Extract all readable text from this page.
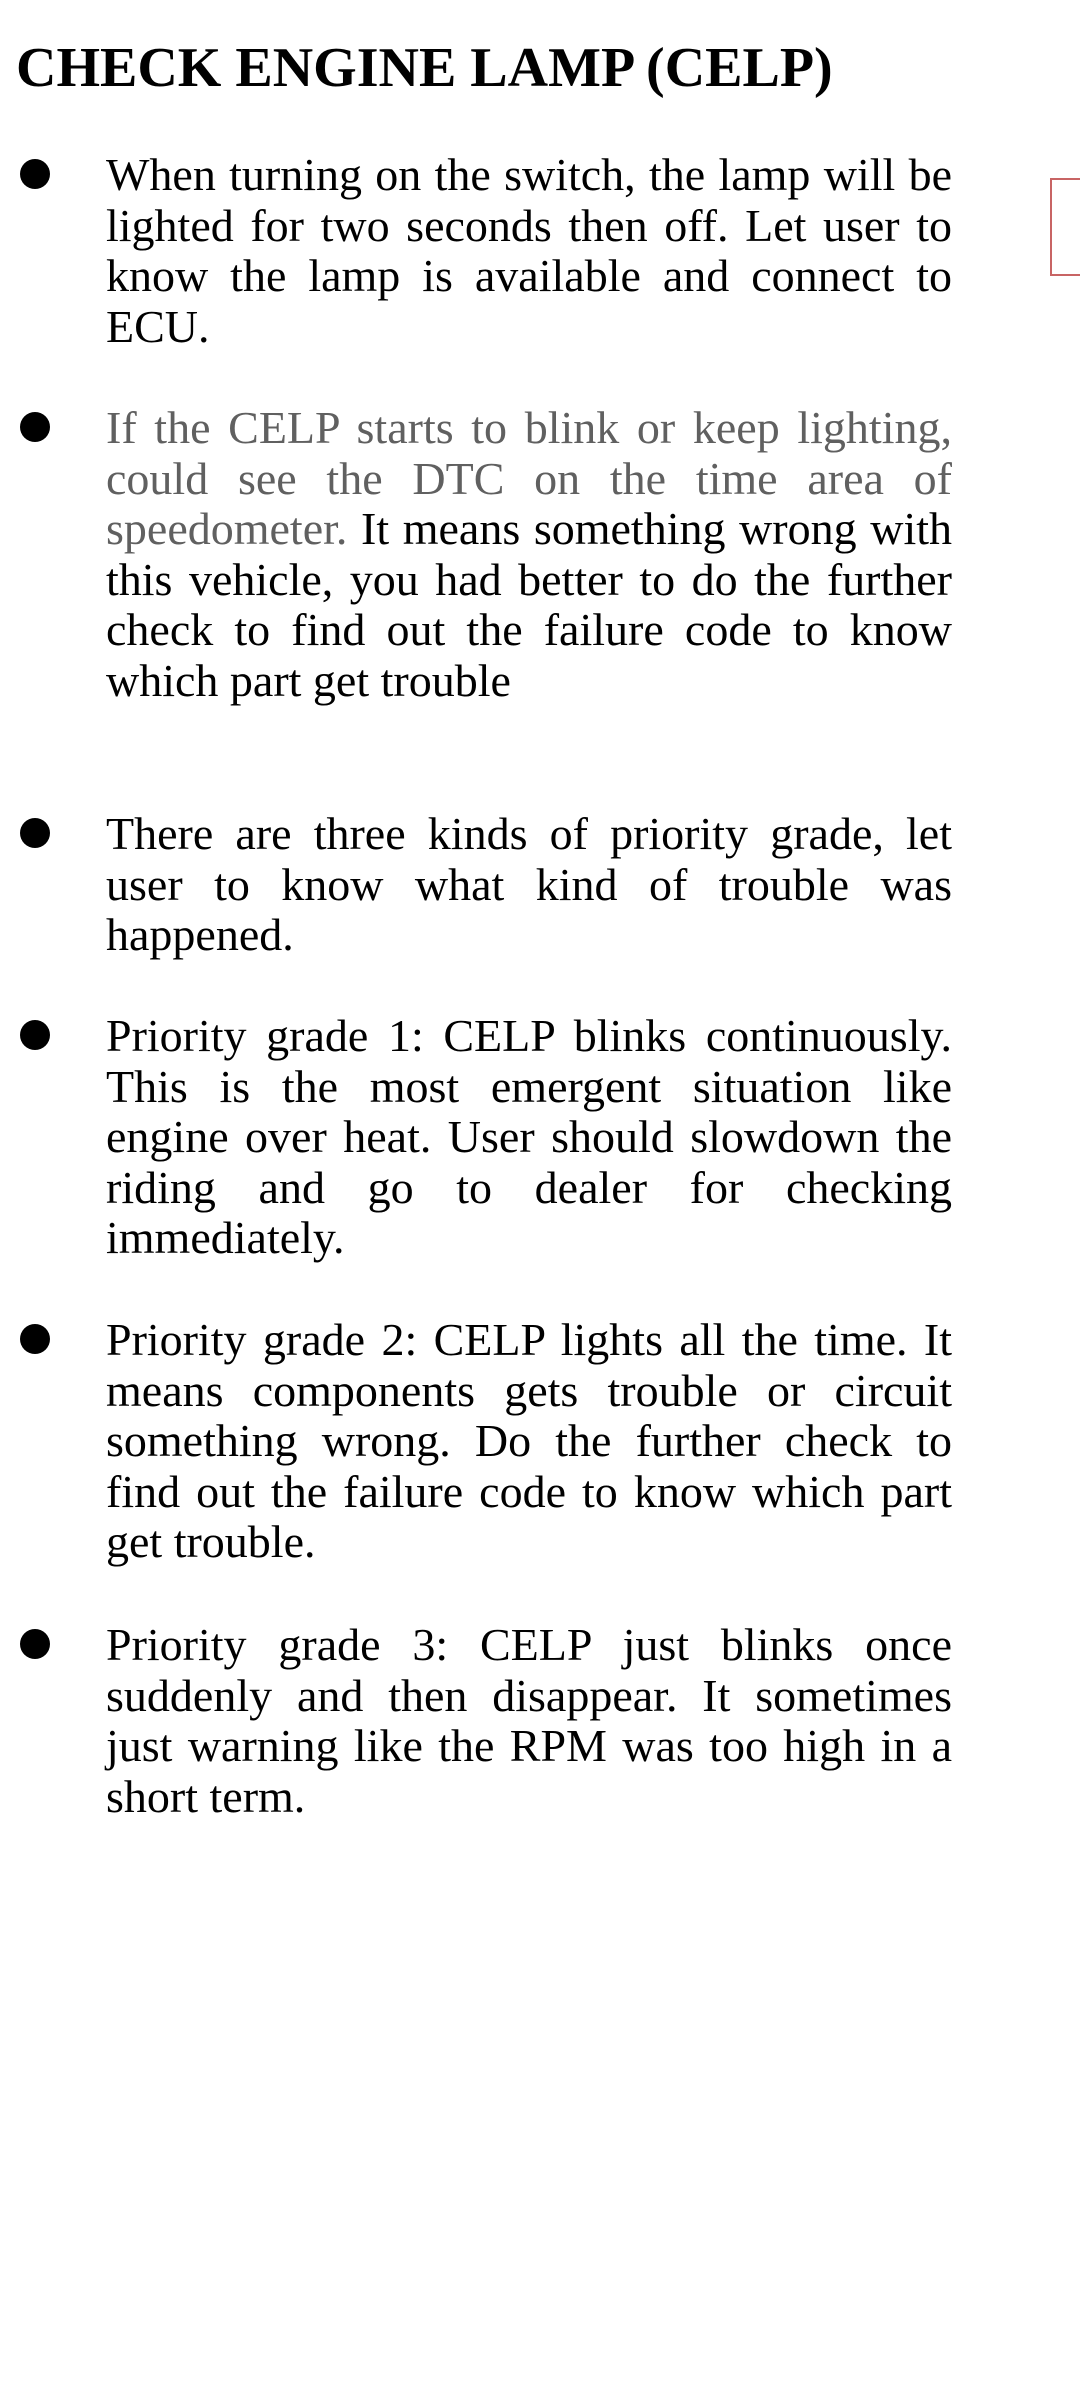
CHECK ENGINE LAMP (CELP)

When turning on the switch, the lamp will be lighted for two seconds then off. Let user to know the lamp is available and connect to ECU.

If the CELP starts to blink or keep lighting, could see the DTC on the time area of speedometer. It means something wrong with this vehicle, you had better to do the further check to find out the failure code to know which part get trouble

There are three kinds of priority grade, let user to know what kind of trouble was happened.

Priority grade 1: CELP blinks continuously. This is the most emergent situation like engine over heat. User should slowdown the riding and go to dealer for checking immediately.

Priority grade 2: CELP lights all the time. It means components gets trouble or circuit something wrong. Do the further check to find out the failure code to know which part get trouble.

Priority grade 3: CELP just blinks once suddenly and then disappear. It sometimes just warning like the RPM was too high in a short term.
